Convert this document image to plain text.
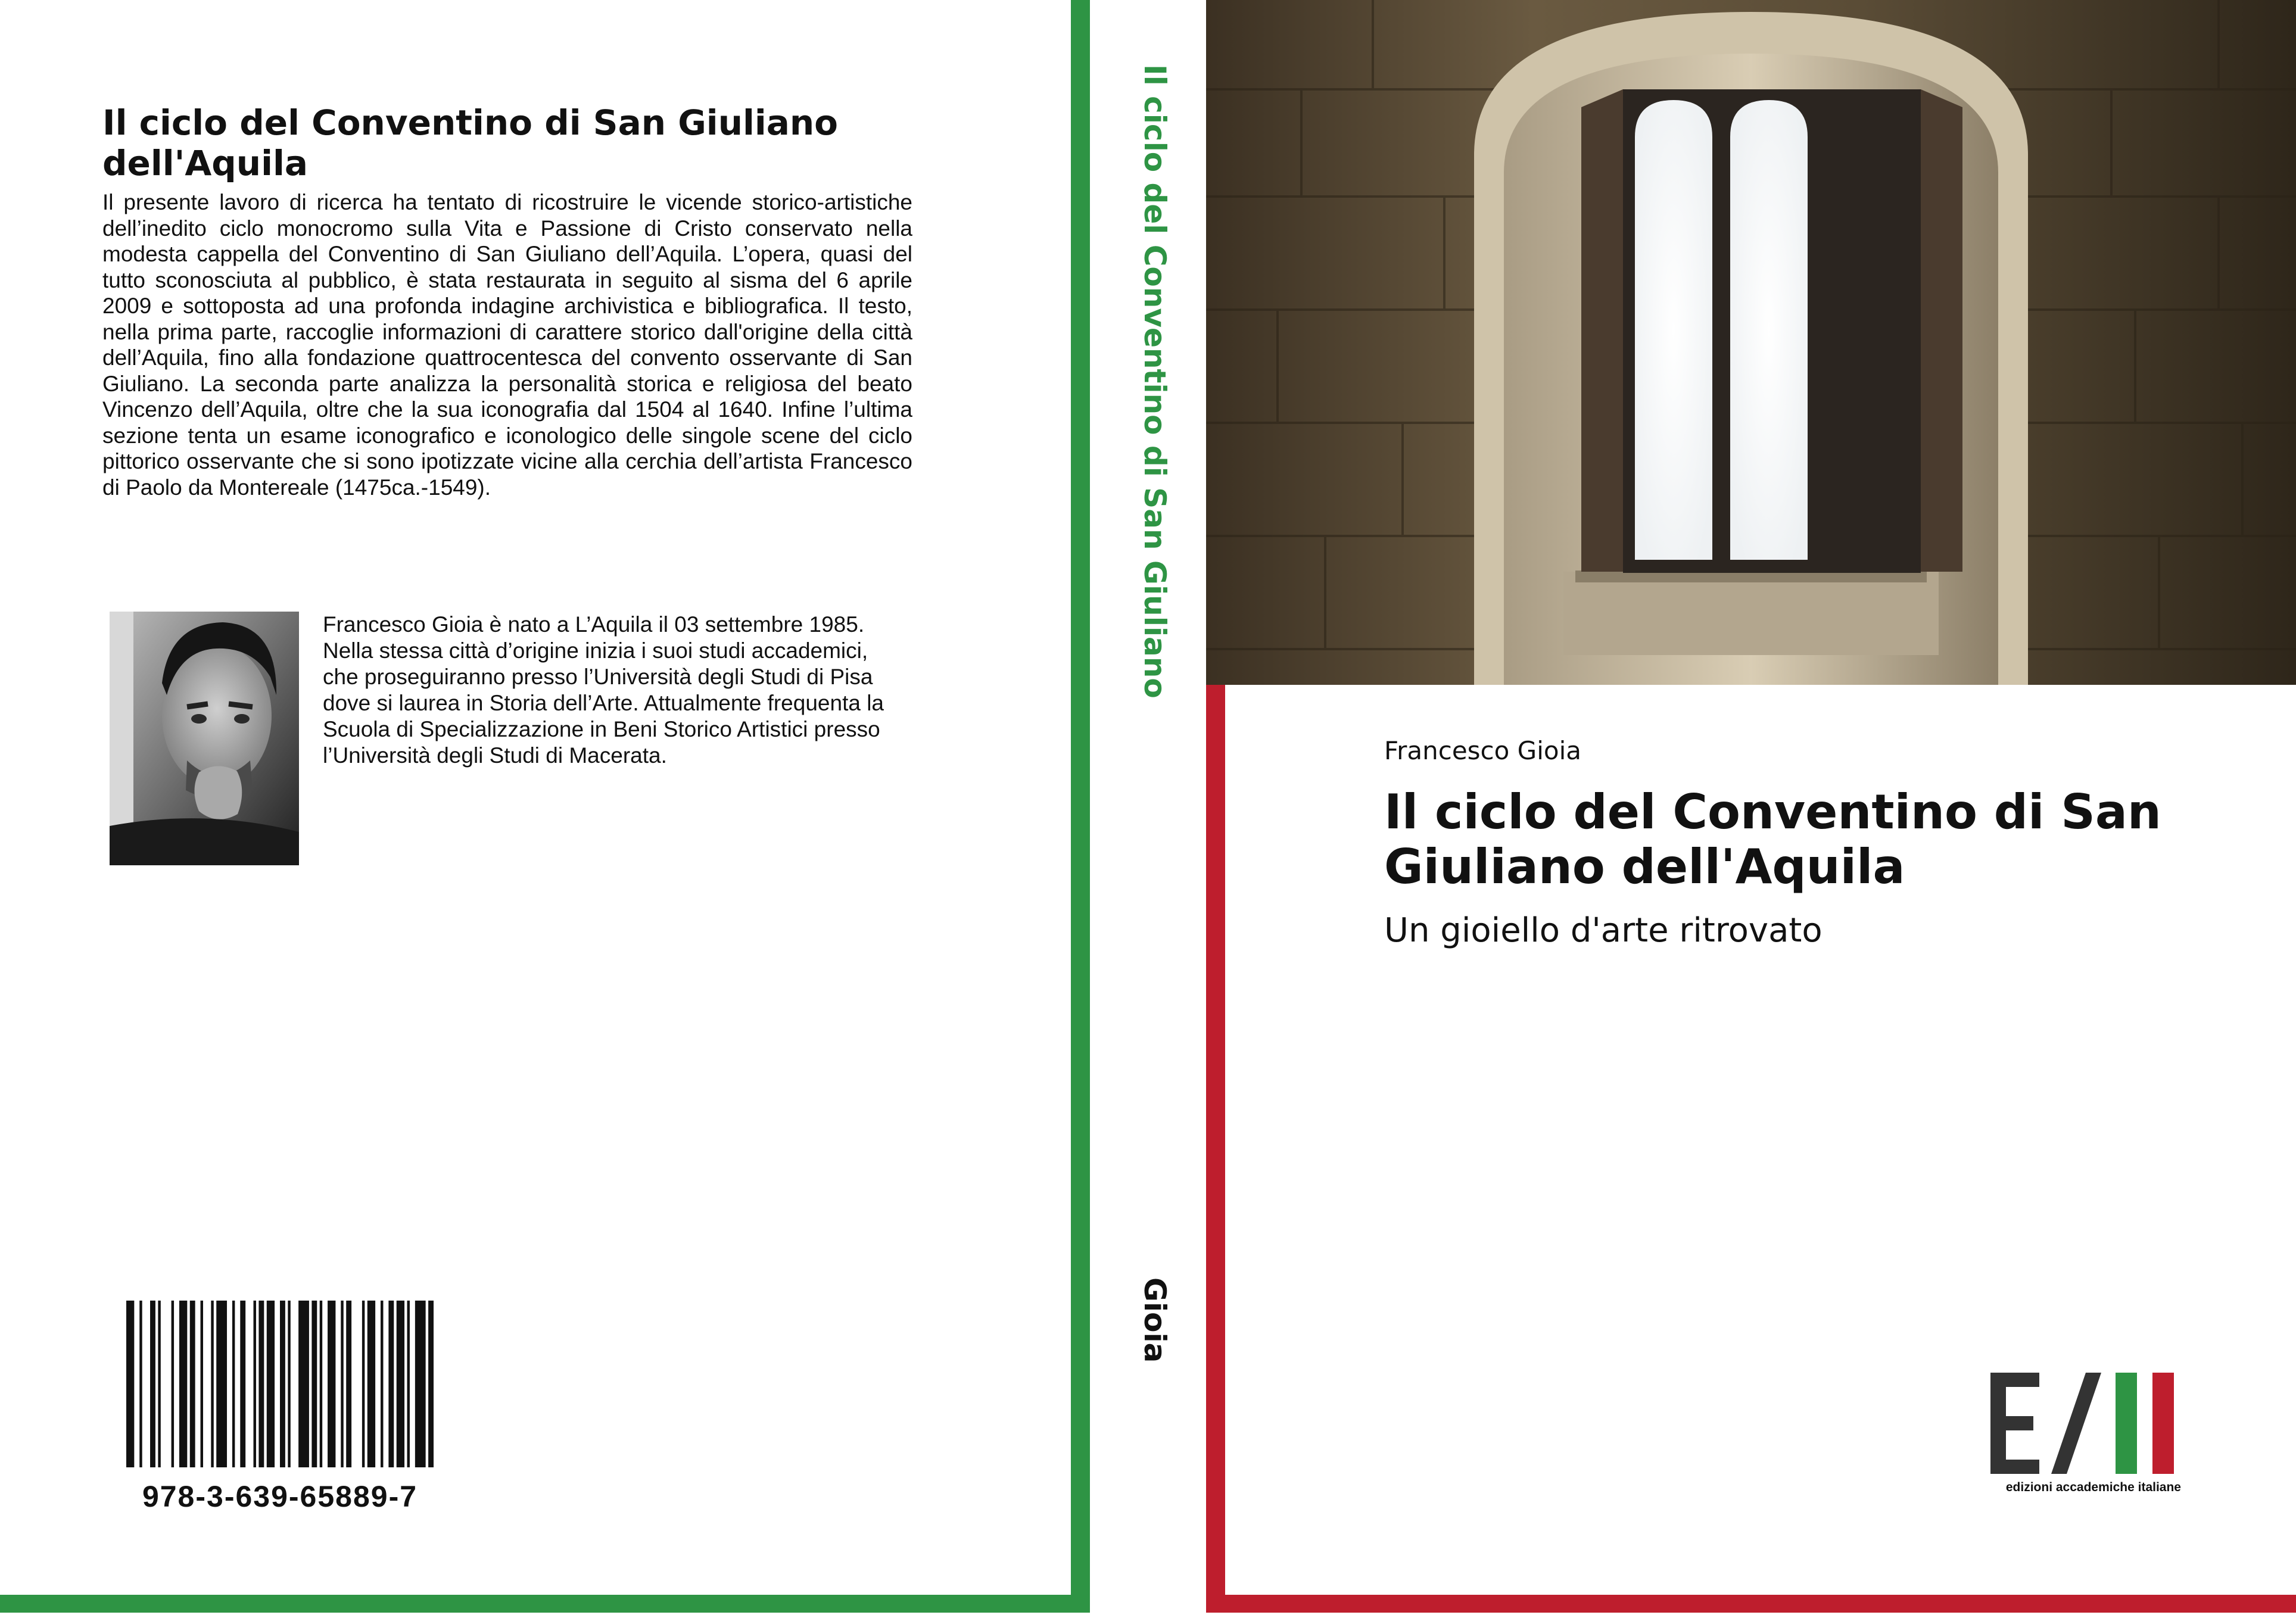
Il ciclo del Conventino di San Giuliano dell'Aquila
Il presente lavoro di ricerca ha tentato di ricostruire le vicende storico-artistiche dell’inedito ciclo monocromo sulla Vita e Passione di Cristo conservato nella modesta cappella del Conventino di San Giuliano dell’Aquila. L’opera, quasi del tutto sconosciuta al pubblico, è stata restaurata in seguito al sisma del 6 aprile 2009 e sottoposta ad una profonda indagine archivistica e bibliografica. Il testo, nella prima parte, raccoglie informazioni di carattere storico dall'origine della città dell’Aquila, fino alla fondazione quattrocentesca del convento osservante di San Giuliano. La seconda parte analizza la personalità storica e religiosa del beato Vincenzo dell’Aquila, oltre che la sua iconografia dal 1504 al 1640. Infine l’ultima sezione tenta un esame iconografico e iconologico delle singole scene del ciclo pittorico osservante che si sono ipotizzate vicine alla cerchia dell’artista Francesco di Paolo da Montereale (1475ca.-1549).
Francesco Gioia è nato a L’Aquila il 03 settembre 1985. Nella stessa città d’origine inizia i suoi studi accademici, che proseguiranno presso l’Università degli Studi di Pisa dove si laurea in Storia dell’Arte. Attualmente frequenta la Scuola di Specializzazione in Beni Storico Artistici presso l’Università degli Studi di Macerata.
978-3-639-65889-7
Il ciclo del Conventino di San Giuliano
Gioia
Francesco Gioia
Il ciclo del Conventino di San Giuliano dell'Aquila
Un gioiello d'arte ritrovato
edizioni accademiche italiane
